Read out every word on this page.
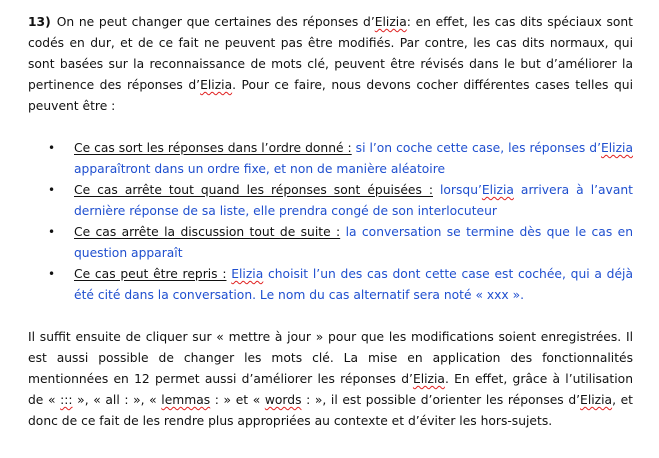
13) On ne peut changer que certaines des réponses d’Elizia: en effet, les cas dits spéciaux sont codés en dur, et de ce fait ne peuvent pas être modifiés. Par contre, les cas dits normaux, qui sont basées sur la reconnaissance de mots clé, peuvent être révisés dans le but d’améliorer la pertinence des réponses d’Elizia. Pour ce faire, nous devons cocher différentes cases telles qui peuvent être :

• Ce cas sort les réponses dans l’ordre donné : si l’on coche cette case, les réponses d’Elizia apparaîtront dans un ordre fixe, et non de manière aléatoire
• Ce cas arrête tout quand les réponses sont épuisées : lorsqu’Elizia arrivera à l’avant dernière réponse de sa liste, elle prendra congé de son interlocuteur
• Ce cas arrête la discussion tout de suite : la conversation se termine dès que le cas en question apparaît
• Ce cas peut être repris : Elizia choisit l’un des cas dont cette case est cochée, qui a déjà été cité dans la conversation. Le nom du cas alternatif sera noté « xxx ».

Il suffit ensuite de cliquer sur « mettre à jour » pour que les modifications soient enregistrées. Il est aussi possible de changer les mots clé. La mise en application des fonctionnalités mentionnées en 12 permet aussi d’améliorer les réponses d’Elizia. En effet, grâce à l’utilisation de « ::: », « all : », « lemmas : » et « words : », il est possible d’orienter les réponses d’Elizia, et donc de ce fait de les rendre plus appropriées au contexte et d’éviter les hors-sujets.
